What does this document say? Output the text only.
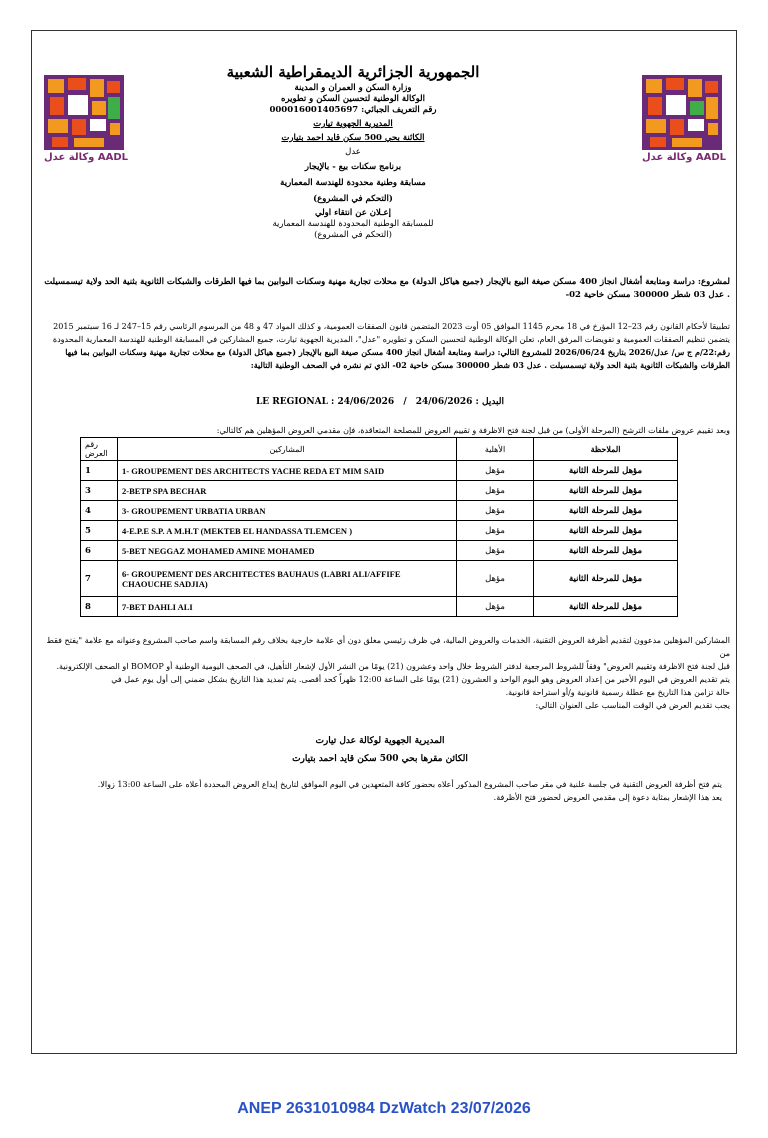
وكالة عدل AADL	وكالة عدل AADL
الجمهورية الجزائرية الديمقراطية الشعبية
وزارة السكن و العمران و المدينة
الوكالة الوطنية لتحسين السكن و تطويره
رقم التعريف الجبائي: 000016001405697
المديرية الجهوية تيارت
الكائنة بحي 500 سكن قايد احمد بتيارت
عدل
برنامج سكنات بيع - بالإيجار
مسابقة وطنية محدودة للهندسة المعمارية
(التحكم في المشروع)
إعـلان عن انتقاء اولي
للمسابقة الوطنية المحدودة للهندسة المعمارية
(التحكم في المشروع)
لمشروع: دراسة ومتابعة أشغال انجاز 400 مسكن صيغة البيع بالإيجار (جميع هياكل الدولة) مع محلات تجارية مهنية وسكنات البوابين بما فيها الطرقات والشبكات الثانوية بثنية الحد ولاية تيسمسيلت . عدل 03 شطر 300000 مسكن خاحية 02-
تطبيقا لأحكام القانون رقم 23–12 المؤرخ في 18 محرم 1145 الموافق 05 أوت 2023 المتضمن قانون الصفقات العمومية، و كذلك المواد 47 و 48 من المرسوم الرئاسي رقم 15–247 لـ 16 سبتمبر 2015
يتضمن تنظيم الصفقات العمومية و تفويضات المرفق العام، تعلن الوكالة الوطنية لتحسين السكن و تطويره "عدل"، المديرية الجهوية تيارت، جميع المشاركين في المسابقة الوطنية للهندسة المعمارية المحدودة
رقم:22/م ج س/ عدل/2026 بتاريخ 2026/06/24 للمشروع التالي: دراسة ومتابعة أشغال انجاز 400 مسكن صيغة البيع بالإيجار (جميع هياكل الدولة) مع محلات تجارية مهنية وسكنات البوابين بما فيها
الطرقات والشبكات الثانوية بثنية الحد ولاية تيسمسيلت . عدل 03 شطر 300000 مسكن خاحية 02- الذي تم نشره في الصحف الوطنية التالية:
LE REGIONAL : 24/06/2026 / البديل : 24/06/2026
وبعد تقييم عروض ملفات الترشح (المرحلة الأولى) من قبل لجنة فتح الاظرفة و تقييم العروض للمصلحة المتعاقدة، فإن مقدمي العروض المؤهلين هم كالتالي:
رقم العرض	المشاركين	الأهلية	الملاحظة
1	1- GROUPEMENT DES ARCHITECTS YACHE REDA ET MIM SAID	مؤهل	مؤهل للمرحلة الثانية
3	2-BETP SPA BECHAR	مؤهل	مؤهل للمرحلة الثانية
4	3- GROUPEMENT URBATIA URBAN	مؤهل	مؤهل للمرحلة الثانية
5	4-E.P.E S.P. A M.H.T (MEKTEB EL HANDASSA TLEMCEN )	مؤهل	مؤهل للمرحلة الثانية
6	5-BET NEGGAZ MOHAMED AMINE MOHAMED	مؤهل	مؤهل للمرحلة الثانية
7	6- GROUPEMENT DES ARCHITECTES BAUHAUS (LABRI ALI/AFFIFE CHAOUCHE SADJIA)	مؤهل	مؤهل للمرحلة الثانية
8	7-BET DAHLI ALI	مؤهل	مؤهل للمرحلة الثانية
المشاركين المؤهلين مدعوون لتقديم أظرفة العروض التقنية، الخدمات والعروض المالية، في ظرف رئيسي مغلق دون أي علامة خارجية بخلاف رقم المسابقة واسم صاحب المشروع وعنوانه مع علامة "يفتح فقط من
قبل لجنة فتح الاظرفة وتقييم العروض" وفقاً للشروط المرجعية لدفتر الشروط خلال واحد وعشرون (21) يومًا من النشر الأول لإشعار التأهيل، في الصحف اليومية الوطنية أو BOMOP او الصحف الإلكترونية.
يتم تقديم العروض في اليوم الأخير من إعداد العروض وهو اليوم الواحد و العشرون (21) يومًا على الساعة 12:00 ظهراً كحد أقصى. يتم تمديد هذا التاريخ بشكل ضمني إلى أول يوم عمل في
حالة تزامن هذا التاريخ مع عطلة رسمية قانونية و/أو استراحة قانونية.
يجب تقديم العرض في الوقت المناسب على العنوان التالي:
المديرية الجهوية لوكالة عدل تيارت
الكائن مقرها بحي 500 سكن قايد احمد بتيارت
يتم فتح أظرفة العروض التقنية في جلسة علنية في مقر صاحب المشروع المذكور أعلاه بحضور كافة المتعهدين في اليوم الموافق لتاريخ إيداع العروض المحددة أعلاه على الساعة 13:00 زوالا.
يعد هذا الإشعار بمثابة دعوة إلى مقدمي العروض لحضور فتح الأظرفة.
ANEP 2631010984 DzWatch 23/07/2026
